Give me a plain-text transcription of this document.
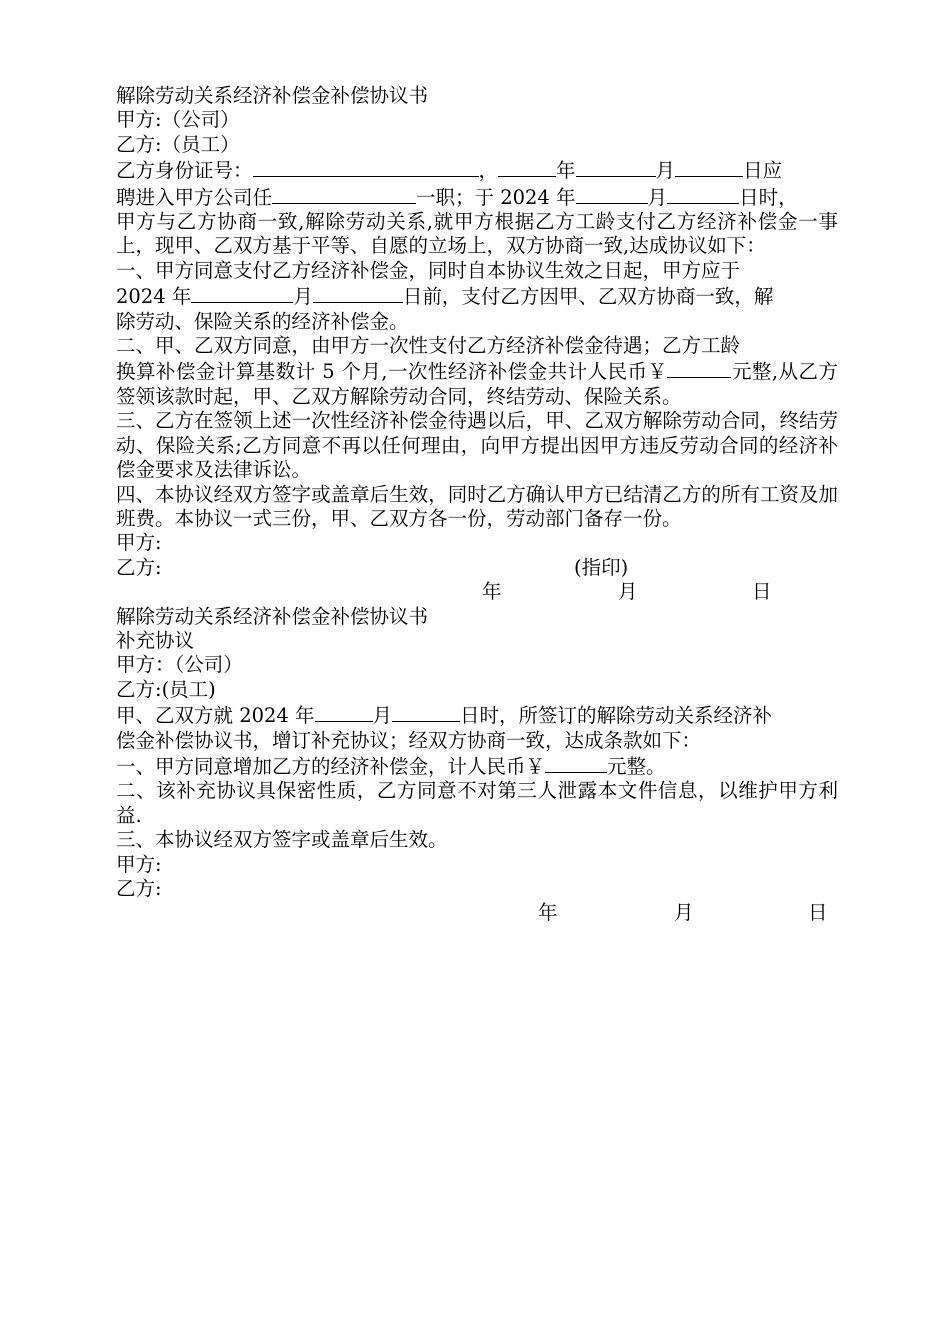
解除劳动关系经济补偿金补偿协议书

甲方:（公司）

乙方:（员工）

乙方身份证号：	，	年	月	日应

聘进入甲方公司任	一职；于 2024 年	月	日时，

甲方与乙方协商一致,解除劳动关系,就甲方根据乙方工龄支付乙方经济补偿金一事上，现甲、乙双方基于平等、自愿的立场上，双方协商一致,达成协议如下：

一、甲方同意支付乙方经济补偿金，同时自本协议生效之日起，甲方应于
2024 年	月	日前，支付乙方因甲、乙双方协商一致，解
除劳动、保险关系的经济补偿金。

二、甲、乙双方同意，由甲方一次性支付乙方经济补偿金待遇；乙方工龄
换算补偿金计算基数计 5 个月,一次性经济补偿金共计人民币￥	元整,从乙方签领该款时起，甲、乙双方解除劳动合同，终结劳动、保险关系。

三、乙方在签领上述一次性经济补偿金待遇以后，甲、乙双方解除劳动合同，终结劳动、保险关系;乙方同意不再以任何理由，向甲方提出因甲方违反劳动合同的经济补偿金要求及法律诉讼。

四、本协议经双方签字或盖章后生效，同时乙方确认甲方已结清乙方的所有工资及加班费。本协议一式三份，甲、乙双方各一份，劳动部门备存一份。

甲方:

乙方:	(指印)
年	月	日

解除劳动关系经济补偿金补偿协议书

补充协议

甲方：（公司）

乙方:(员工)

甲、乙双方就 2024 年	月	日时，所签订的解除劳动关系经济补
偿金补偿协议书，增订补充协议；经双方协商一致，达成条款如下：

一、甲方同意增加乙方的经济补偿金，计人民币￥	元整。

二、该补充协议具保密性质，乙方同意不对第三人泄露本文件信息，以维护甲方利益.

三、本协议经双方签字或盖章后生效。

甲方:

乙方:

年	月	日
